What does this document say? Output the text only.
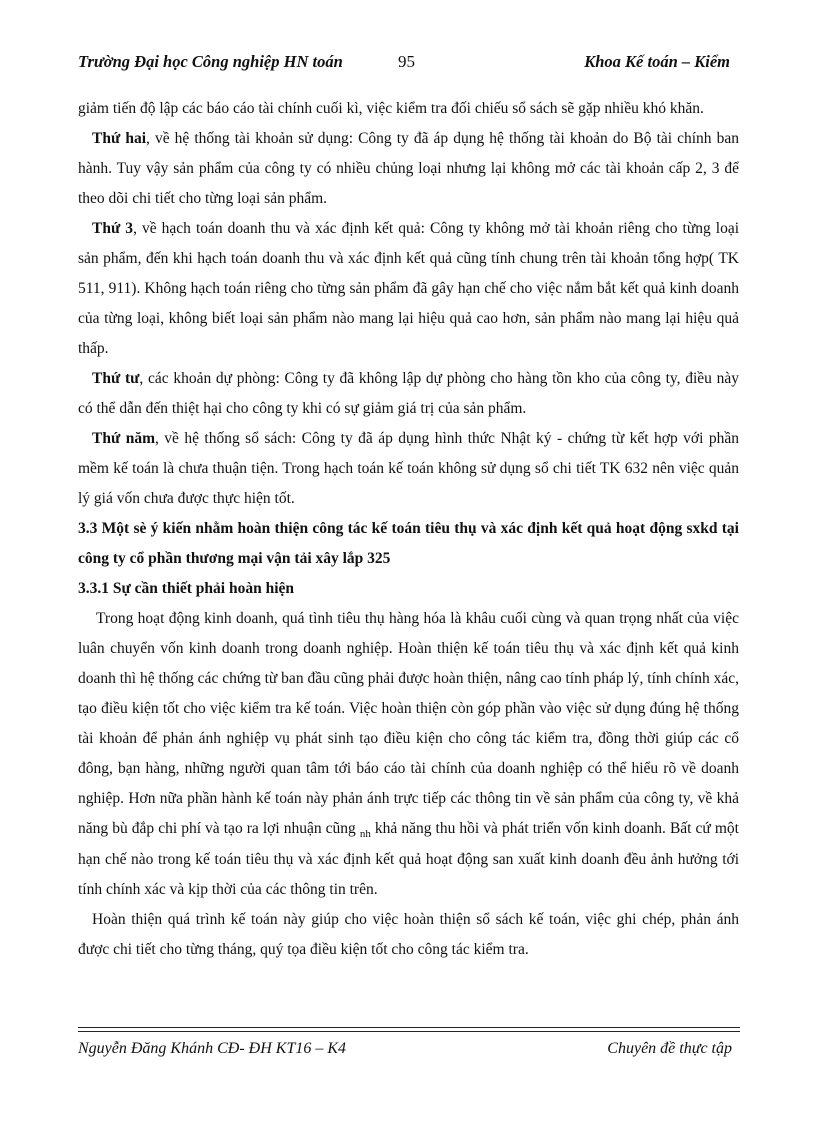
Trường Đại học Công nghiệp HN toán	95	Khoa Kế toán – Kiểm

giảm tiến độ lập các báo cáo tài chính cuối kì, việc kiểm tra đối chiếu sổ sách sẽ gặp nhiều khó khăn.

Thứ hai, về hệ thống tài khoản sử dụng: Công ty đã áp dụng hệ thống tài khoản do Bộ tài chính ban hành. Tuy vậy sản phẩm của công ty có nhiều chủng loại nhưng lại không mở các tài khoản cấp 2, 3 để theo dõi chi tiết cho từng loại sản phẩm.

Thứ 3, về hạch toán doanh thu và xác định kết quả: Công ty không mở tài khoản riêng cho từng loại sản phẩm, đến khi hạch toán doanh thu và xác định kết quả cũng tính chung trên tài khoản tổng hợp( TK 511, 911). Không hạch toán riêng cho từng sản phẩm đã gây hạn chế cho việc nắm bắt kết quả kinh doanh của từng loại, không biết loại sản phẩm nào mang lại hiệu quả cao hơn, sản phẩm nào mang lại hiệu quả thấp.

Thứ tư, các khoản dự phòng: Công ty đã không lập dự phòng cho hàng tồn kho của công ty, điều này có thể dẫn đến thiệt hại cho công ty khi có sự giảm giá trị của sản phẩm.

Thứ năm, về hệ thống sổ sách: Công ty đã áp dụng hình thức Nhật ký - chứng từ kết hợp với phần mềm kế toán là chưa thuận tiện. Trong hạch toán kế toán không sử dụng sổ chi tiết TK 632 nên việc quản lý giá vốn chưa được thực hiện tốt.

3.3 Một sè ý kiến nhằm hoàn thiện công tác kế toán tiêu thụ và xác định kết quả hoạt động sxkd tại công ty cổ phần thương mại vận tải xây lắp 325

3.3.1 Sự cần thiết phải hoàn hiện

Trong hoạt động kinh doanh, quá tình tiêu thụ hàng hóa là khâu cuối cùng và quan trọng nhất của việc luân chuyển vốn kinh doanh trong doanh nghiệp. Hoàn thiện kế toán tiêu thụ và xác định kết quả kinh doanh thì hệ thống các chứng từ ban đầu cũng phải được hoàn thiện, nâng cao tính pháp lý, tính chính xác, tạo điều kiện tốt cho việc kiểm tra kế toán. Việc hoàn thiện còn góp phần vào việc sử dụng đúng hệ thống tài khoản để phản ánh nghiệp vụ phát sinh tạo điều kiện cho công tác kiểm tra, đồng thời giúp các cổ đông, bạn hàng, những người quan tâm tới báo cáo tài chính của doanh nghiệp có thể hiểu rõ về doanh nghiệp. Hơn nữa phần hành kế toán này phản ánh trực tiếp các thông tin về sản phẩm của công ty, về khả năng bù đắp chi phí và tạo ra lợi nhuận cũng $_{nh}$ khả năng thu hồi và phát triển vốn kinh doanh. Bất cứ một hạn chế nào trong kế toán tiêu thụ và xác định kết quả hoạt động san xuất kinh doanh đều ảnh hưởng tới tính chính xác và kịp thời của các thông tin trên.

Hoàn thiện quá trình kế toán này giúp cho việc hoàn thiện sổ sách kế toán, việc ghi chép, phản ánh được chi tiết cho từng tháng, quý tọa điều kiện tốt cho công tác kiểm tra.

Nguyễn Đăng Khánh CĐ- ĐH KT16 – K4	Chuyên đề thực tập
